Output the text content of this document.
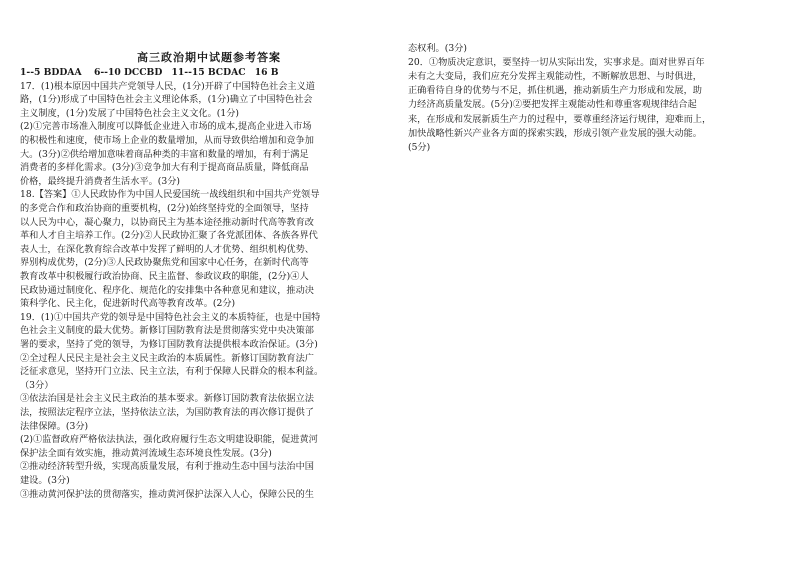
高三政治期中试题参考答案
1--5 BDDAA　 6--10 DCCBD　11--15 BCDAC　16 B
17．(1)根本原因中国共产党领导人民，(1分)开辟了中国特色社会主义道
路，(1分)形成了中国特色社会主义理论体系，(1分)确立了中国特色社会
主义制度，(1分)发展了中国特色社会主义文化。(1分)
(2)①完善市场准入制度可以降低企业进入市场的成本,提高企业进入市场
的积极性和速度，使市场上企业的数量增加，从而导致供给增加和竞争加
大。(3分)②供给增加意味着商品种类的丰富和数量的增加，有利于满足
消费者的多样化需求。(3分)③竞争加大有利于提高商品质量，降低商品
价格，最终提升消费者生活水平。(3分)
18.【答案】①人民政协作为中国人民爱国统一战线组织和中国共产党领导
的多党合作和政治协商的重要机构，(2分)始终坚持党的全面领导，坚持
以人民为中心，凝心聚力，以协商民主为基本途径推动新时代高等教育改
革和人才自主培养工作。(2分)②人民政协汇聚了各党派团体、各族各界代
表人士，在深化教育综合改革中发挥了鲜明的人才优势、组织机构优势、
界别构成优势，(2分)③人民政协聚焦党和国家中心任务，在新时代高等
教育改革中积极履行政治协商、民主监督、参政议政的职能，(2分)④人
民政协通过制度化、程序化、规范化的安排集中各种意见和建议，推动决
策科学化、民主化，促进新时代高等教育改革。(2分)
19．(1)①中国共产党的领导是中国特色社会主义的本质特征，也是中国特
色社会主义制度的最大优势。新修订国防教育法是贯彻落实党中央决策部
署的要求，坚持了党的领导，为修订国防教育法提供根本政治保证。(3分)
②全过程人民民主是社会主义民主政治的本质属性。新修订国防教育法广
泛征求意见，坚持开门立法、民主立法，有利于保障人民群众的根本利益。
（3分）
③依法治国是社会主义民主政治的基本要求。新修订国防教育法依据立法
法，按照法定程序立法，坚持依法立法，为国防教育法的再次修订提供了
法律保障。(3分)
(2)①监督政府严格依法执法，强化政府履行生态文明建设职能，促进黄河
保护法全面有效实施，推动黄河流域生态环境良性发展。(3分)
②推动经济转型升级，实现高质量发展，有利于推动生态中国与法治中国
建设。(3分)
③推动黄河保护法的贯彻落实，推动黄河保护法深入人心，保障公民的生
态权利。(3分)
20．①物质决定意识，要坚持一切从实际出发，实事求是。面对世界百年
未有之大变局，我们应充分发挥主观能动性，不断解放思想、与时俱进，
正确看待自身的优势与不足，抓住机遇，推动新质生产力形成和发展，助
力经济高质量发展。(5分)②要把发挥主观能动性和尊重客观规律结合起
来，在形成和发展新质生产力的过程中，要尊重经济运行规律，迎难而上，
加快战略性新兴产业各方面的探索实践，形成引领产业发展的强大动能。
(5分)
